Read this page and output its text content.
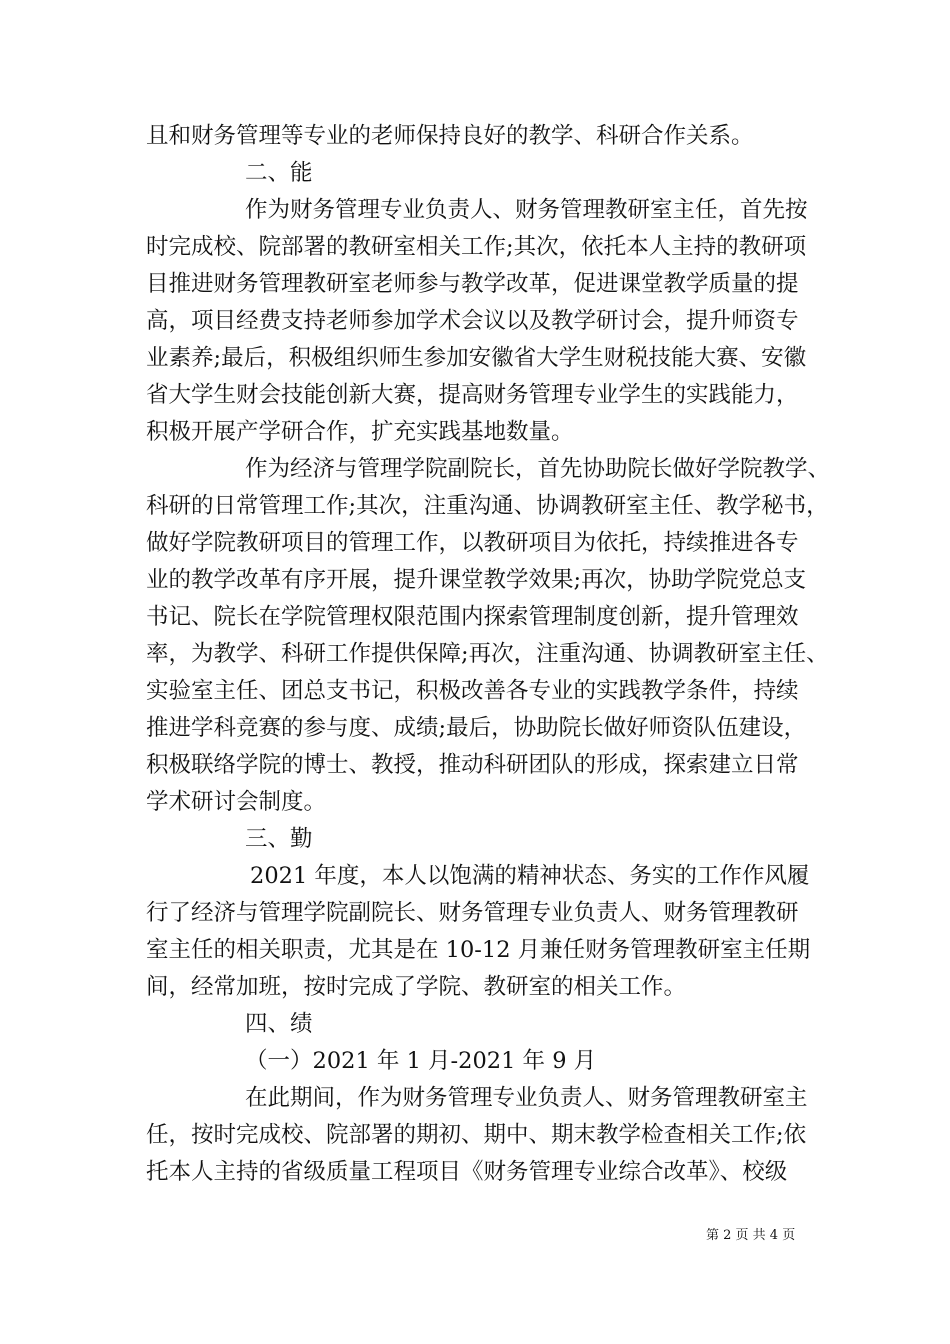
且和财务管理等专业的老师保持良好的教学、科研合作关系。
二、能
作为财务管理专业负责人、财务管理教研室主任，首先按
时完成校、院部署的教研室相关工作;其次，依托本人主持的教研项
目推进财务管理教研室老师参与教学改革，促进课堂教学质量的提
高，项目经费支持老师参加学术会议以及教学研讨会，提升师资专
业素养;最后，积极组织师生参加安徽省大学生财税技能大赛、安徽
省大学生财会技能创新大赛，提高财务管理专业学生的实践能力，
积极开展产学研合作，扩充实践基地数量。
作为经济与管理学院副院长，首先协助院长做好学院教学、
科研的日常管理工作;其次，注重沟通、协调教研室主任、教学秘书，
做好学院教研项目的管理工作，以教研项目为依托，持续推进各专
业的教学改革有序开展，提升课堂教学效果;再次，协助学院党总支
书记、院长在学院管理权限范围内探索管理制度创新，提升管理效
率，为教学、科研工作提供保障;再次，注重沟通、协调教研室主任、
实验室主任、团总支书记，积极改善各专业的实践教学条件，持续
推进学科竞赛的参与度、成绩;最后，协助院长做好师资队伍建设，
积极联络学院的博士、教授，推动科研团队的形成，探索建立日常
学术研讨会制度。
三、勤
2021 年度，本人以饱满的精神状态、务实的工作作风履
行了经济与管理学院副院长、财务管理专业负责人、财务管理教研
室主任的相关职责，尤其是在 10-12 月兼任财务管理教研室主任期
间，经常加班，按时完成了学院、教研室的相关工作。
四、绩
（一）2021 年 1 月-2021 年 9 月
在此期间，作为财务管理专业负责人、财务管理教研室主
任，按时完成校、院部署的期初、期中、期末教学检查相关工作;依
托本人主持的省级质量工程项目《财务管理专业综合改革》、校级
第 2 页 共 4 页
